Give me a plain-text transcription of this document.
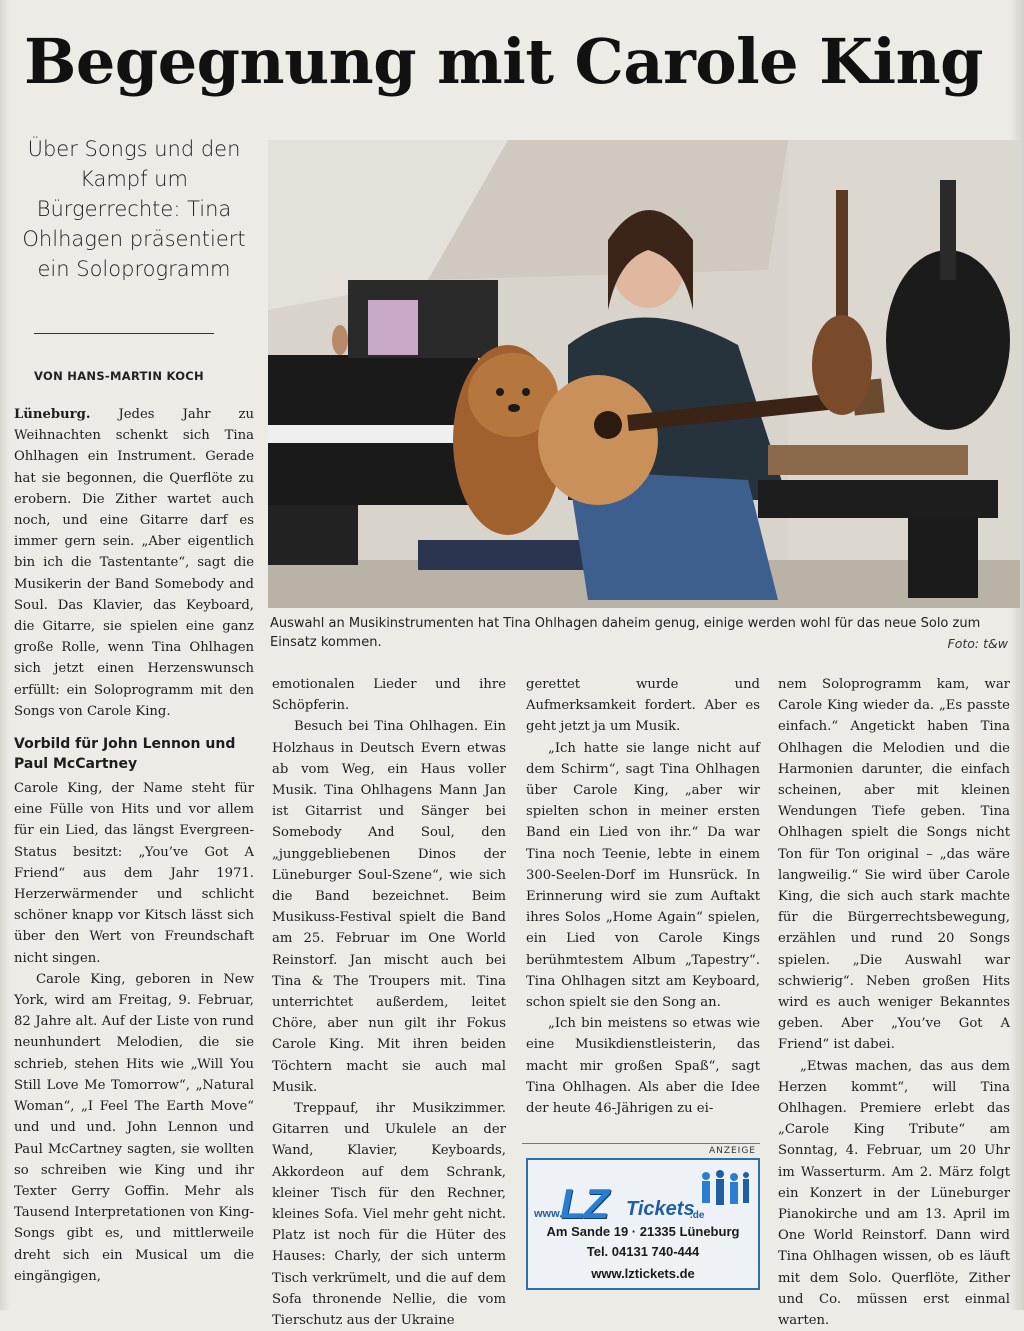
Begegnung mit Carole King
Über Songs und den Kampf um Bürgerrechte: Tina Ohlhagen präsentiert ein Soloprogramm
VON HANS-MARTIN KOCH

Lüneburg. Jedes Jahr zu Weihnachten schenkt sich Tina Ohlhagen ein Instrument. Gerade hat sie begonnen, die Querflöte zu erobern. Die Zither wartet auch noch, und eine Gitarre darf es immer gern sein. „Aber eigentlich bin ich die Tastentante“, sagt die Musikerin der Band Somebody and Soul. Das Klavier, das Keyboard, die Gitarre, sie spielen eine ganz große Rolle, wenn Tina Ohlhagen sich jetzt einen Herzenswunsch erfüllt: ein Soloprogramm mit den Songs von Carole King.

Vorbild für John Lennon und Paul McCartney

Carole King, der Name steht für eine Fülle von Hits und vor allem für ein Lied, das längst Evergreen-Status besitzt: „You’ve Got A Friend“ aus dem Jahr 1971. Herzerwärmender und schlicht schöner knapp vor Kitsch lässt sich über den Wert von Freundschaft nicht singen.

Carole King, geboren in New York, wird am Freitag, 9. Februar, 82 Jahre alt. Auf der Liste von rund neunhundert Melodien, die sie schrieb, stehen Hits wie „Will You Still Love Me Tomorrow“, „Natural Woman“, „I Feel The Earth Move“ und und und. John Lennon und Paul McCartney sagten, sie wollten so schreiben wie King und ihr Texter Gerry Goffin. Mehr als Tausend Interpretationen von King-Songs gibt es, und mittlerweile dreht sich ein Musical um die eingängigen,

Auswahl an Musikinstrumenten hat Tina Ohlhagen daheim genug, einige werden wohl für das neue Solo zum Einsatz kommen.	Foto: t&w

emotionalen Lieder und ihre Schöpferin.

Besuch bei Tina Ohlhagen. Ein Holzhaus in Deutsch Evern etwas ab vom Weg, ein Haus voller Musik. Tina Ohlhagens Mann Jan ist Gitarrist und Sänger bei Somebody And Soul, den „junggebliebenen Dinos der Lüneburger Soul-Szene“, wie sich die Band bezeichnet. Beim Musikuss-Festival spielt die Band am 25. Februar im One World Reinstorf. Jan mischt auch bei Tina & The Troupers mit. Tina unterrichtet außerdem, leitet Chöre, aber nun gilt ihr Fokus Carole King. Mit ihren beiden Töchtern macht sie auch mal Musik.

Treppauf, ihr Musikzimmer. Gitarren und Ukulele an der Wand, Klavier, Keyboards, Akkordeon auf dem Schrank, kleiner Tisch für den Rechner, kleines Sofa. Viel mehr geht nicht. Platz ist noch für die Hüter des Hauses: Charly, der sich unterm Tisch verkrümelt, und die auf dem Sofa thronende Nellie, die vom Tierschutz aus der Ukraine

gerettet wurde und Aufmerksamkeit fordert. Aber es geht jetzt ja um Musik.

„Ich hatte sie lange nicht auf dem Schirm“, sagt Tina Ohlhagen über Carole King, „aber wir spielten schon in meiner ersten Band ein Lied von ihr.“ Da war Tina noch Teenie, lebte in einem 300-Seelen-Dorf im Hunsrück. In Erinnerung wird sie zum Auftakt ihres Solos „Home Again“ spielen, ein Lied von Carole Kings berühmtestem Album „Tapestry“. Tina Ohlhagen sitzt am Keyboard, schon spielt sie den Song an.

„Ich bin meistens so etwas wie eine Musikdienstleisterin, das macht mir großen Spaß“, sagt Tina Ohlhagen. Als aber die Idee der heute 46-Jährigen zu ei-

ANZEIGE
www.
LZ Tickets
.de
Am Sande 19 · 21335 Lüneburg
Tel. 04131 740-444
www.lztickets.de

nem Soloprogramm kam, war Carole King wieder da. „Es passte einfach.“ Angetickt haben Tina Ohlhagen die Melodien und die Harmonien darunter, die einfach scheinen, aber mit kleinen Wendungen Tiefe geben. Tina Ohlhagen spielt die Songs nicht Ton für Ton original – „das wäre langweilig.“ Sie wird über Carole King, die sich auch stark machte für die Bürgerrechtsbewegung, erzählen und rund 20 Songs spielen. „Die Auswahl war schwierig“. Neben großen Hits wird es auch weniger Bekanntes geben. Aber „You’ve Got A Friend“ ist dabei.

„Etwas machen, das aus dem Herzen kommt“, will Tina Ohlhagen. Premiere erlebt das „Carole King Tribute“ am Sonntag, 4. Februar, um 20 Uhr im Wasserturm. Am 2. März folgt ein Konzert in der Lüneburger Pianokirche und am 13. April im One World Reinstorf. Dann wird Tina Ohlhagen wissen, ob es läuft mit dem Solo. Querflöte, Zither und Co. müssen erst einmal warten.
